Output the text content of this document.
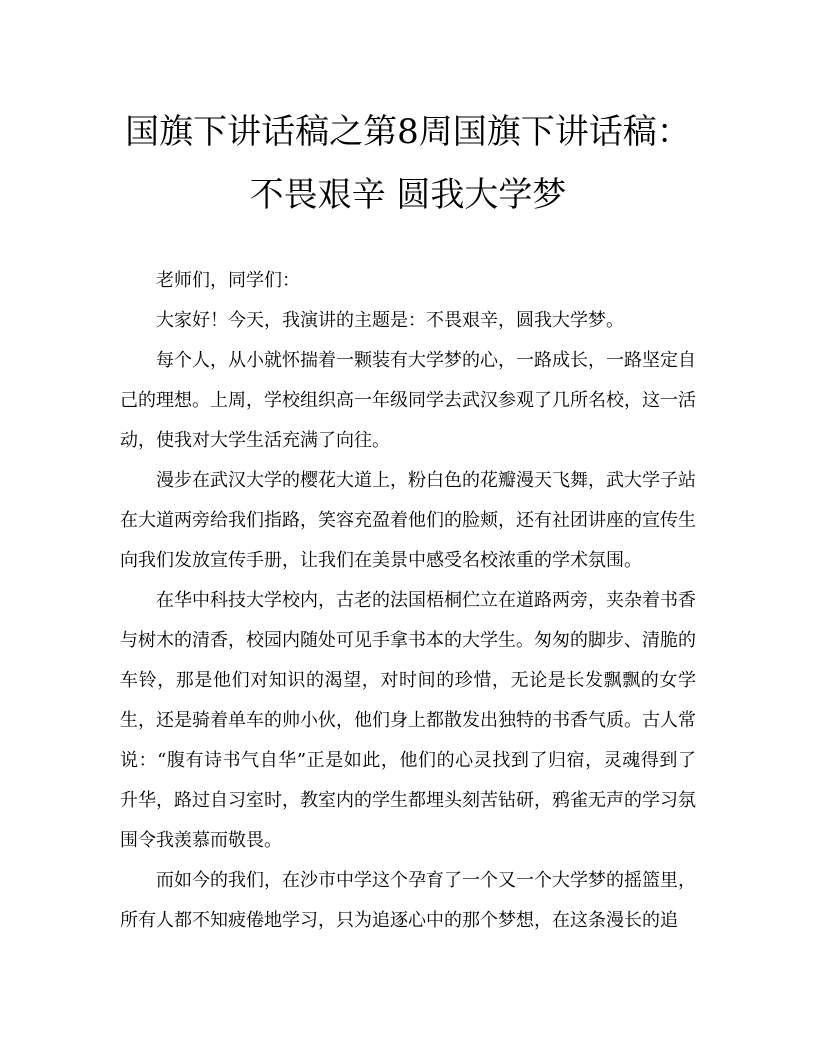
国旗下讲话稿之第8周国旗下讲话稿：
不畏艰辛 圆我大学梦

老师们，同学们：

大家好！今天，我演讲的主题是：不畏艰辛，圆我大学梦。

每个人，从小就怀揣着一颗装有大学梦的心，一路成长，一路坚定自己的理想。上周，学校组织高一年级同学去武汉参观了几所名校，这一活动，使我对大学生活充满了向往。

漫步在武汉大学的樱花大道上，粉白色的花瓣漫天飞舞，武大学子站在大道两旁给我们指路，笑容充盈着他们的脸颊，还有社团讲座的宣传生向我们发放宣传手册，让我们在美景中感受名校浓重的学术氛围。

在华中科技大学校内，古老的法国梧桐伫立在道路两旁，夹杂着书香与树木的清香，校园内随处可见手拿书本的大学生。匆匆的脚步、清脆的车铃，那是他们对知识的渴望，对时间的珍惜，无论是长发飘飘的女学生，还是骑着单车的帅小伙，他们身上都散发出独特的书香气质。古人常说：“腹有诗书气自华”正是如此，他们的心灵找到了归宿，灵魂得到了升华，路过自习室时，教室内的学生都埋头刻苦钻研，鸦雀无声的学习氛围令我羡慕而敬畏。

而如今的我们，在沙市中学这个孕育了一个又一个大学梦的摇篮里，所有人都不知疲倦地学习，只为追逐心中的那个梦想，在这条漫长的追
